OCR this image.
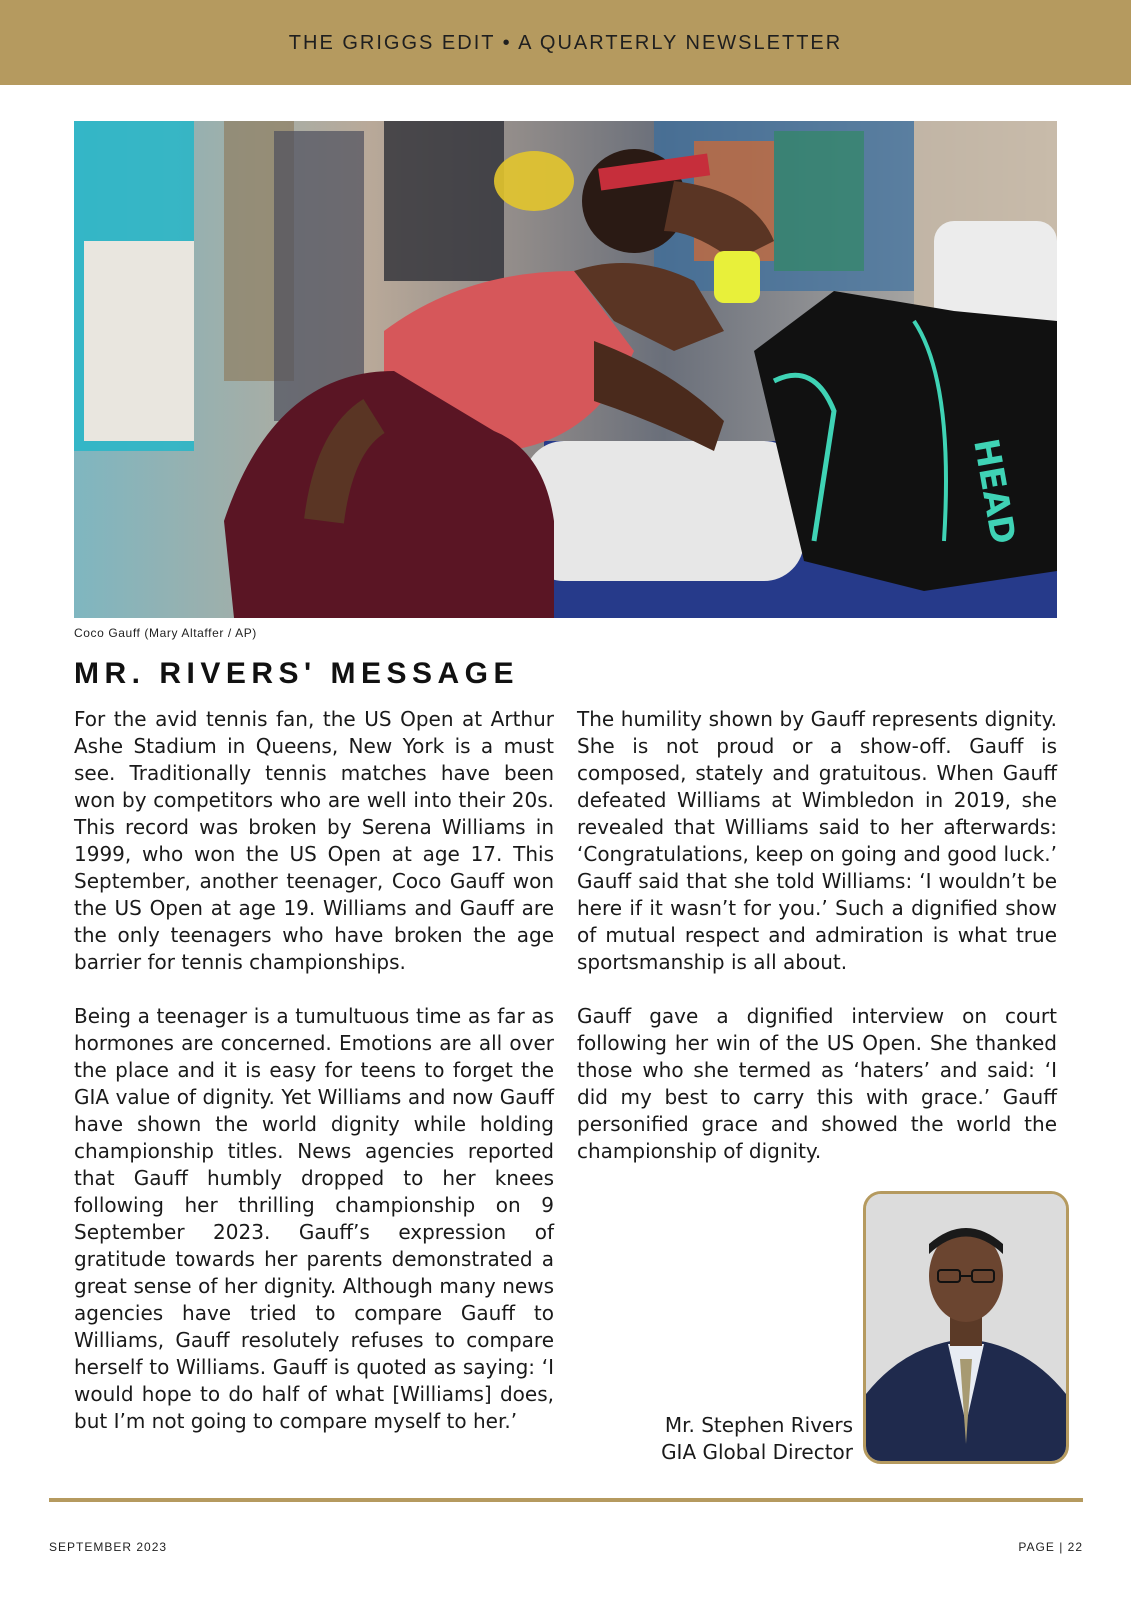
THE GRIGGS EDIT • A QUARTERLY NEWSLETTER
HEAD
Coco Gauff (Mary Altaffer / AP)
MR. RIVERS' MESSAGE

For the avid tennis fan, the US Open at Arthur Ashe Stadium in Queens, New York is a must see. Traditionally tennis matches have been won by competitors who are well into their 20s. This record was broken by Serena Williams in 1999, who won the US Open at age 17. This September, another teenager, Coco Gauff won the US Open at age 19. Williams and Gauff are the only teenagers who have broken the age barrier for tennis championships.

Being a teenager is a tumultuous time as far as hormones are concerned. Emotions are all over the place and it is easy for teens to forget the GIA value of dignity. Yet Williams and now Gauff have shown the world dignity while holding championship titles. News agencies reported that Gauff humbly dropped to her knees following her thrilling championship on 9 September 2023. Gauff’s expression of gratitude towards her parents demonstrated a great sense of her dignity. Although many news agencies have tried to compare Gauff to Williams, Gauff resolutely refuses to compare herself to Williams. Gauff is quoted as saying: ‘I would hope to do half of what [Williams] does, but I’m not going to compare myself to her.’

The humility shown by Gauff represents dignity. She is not proud or a show-off. Gauff is composed, stately and gratuitous. When Gauff defeated Williams at Wimbledon in 2019, she revealed that Williams said to her afterwards: ‘Congratulations, keep on going and good luck.’ Gauff said that she told Williams: ‘I wouldn’t be here if it wasn’t for you.’ Such a dignified show of mutual respect and admiration is what true sportsmanship is all about.

Gauff gave a dignified interview on court following her win of the US Open. She thanked those who she termed as ‘haters’ and said: ‘I did my best to carry this with grace.’ Gauff personified grace and showed the world the championship of dignity.

Mr. Stephen Rivers
GIA Global Director
SEPTEMBER 2023	PAGE | 22
